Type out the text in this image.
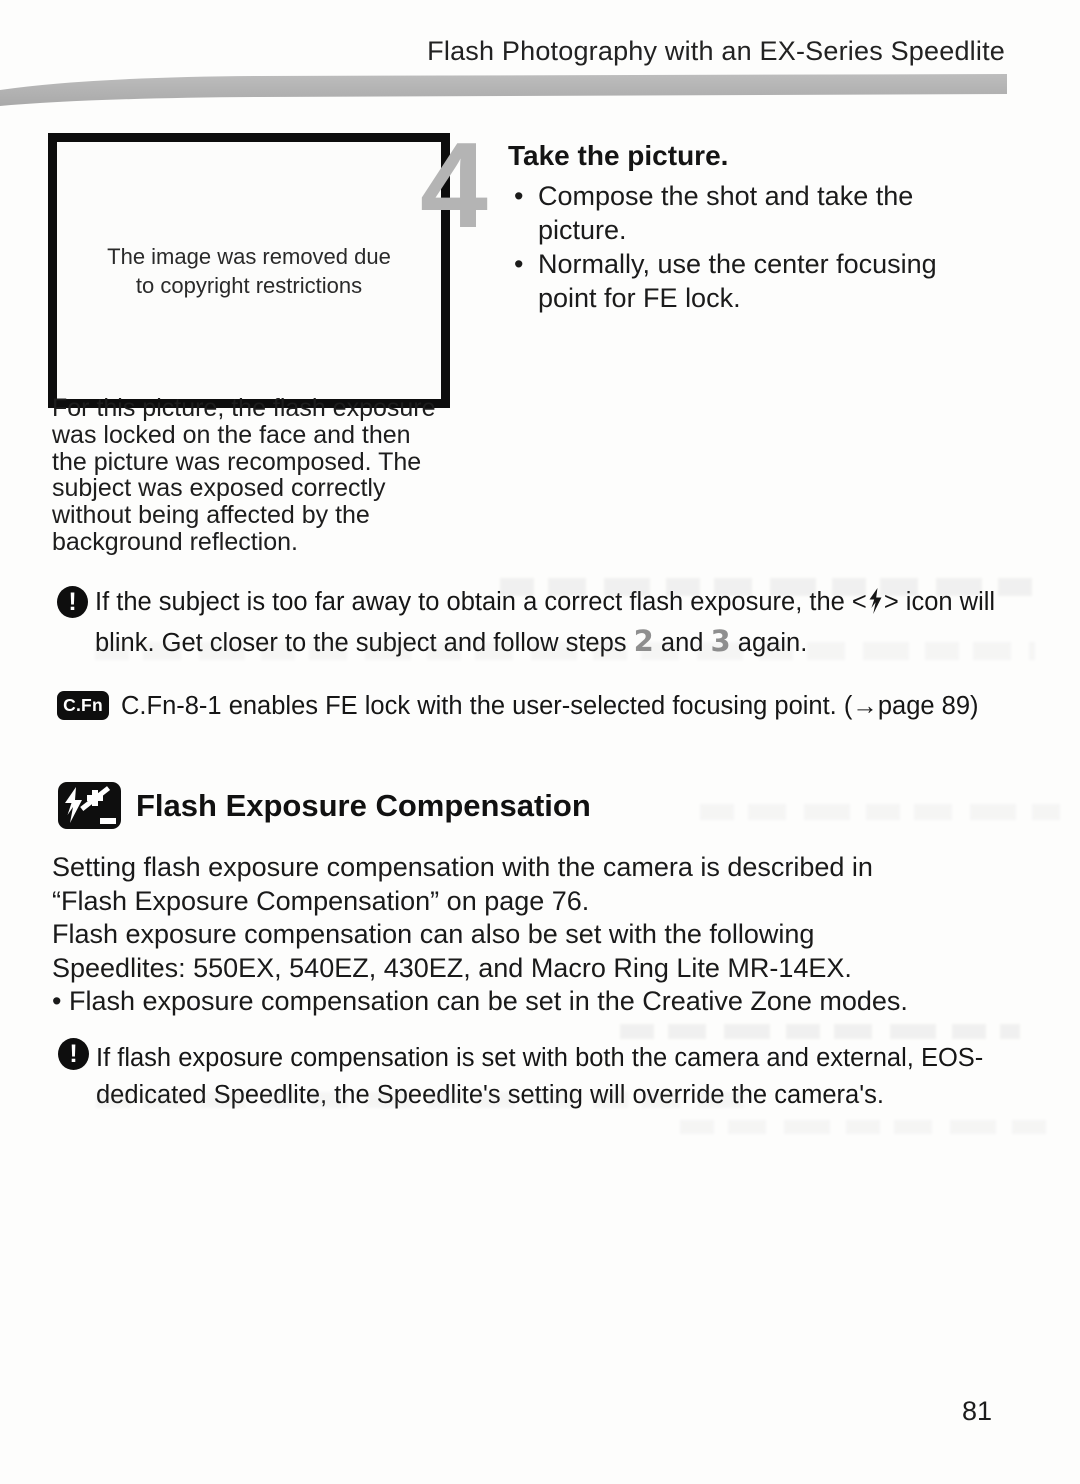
Flash Photography with an EX-Series Speedlite
The image was removed due
to copyright restrictions
For this picture, the flash exposure
was locked on the face and then
the picture was recomposed. The
subject was exposed correctly
without being affected by the
background reflection.
4 Take the picture.
• Compose the shot and take the picture.
• Normally, use the center focusing point for FE lock.
! If the subject is too far away to obtain a correct flash exposure, the < > icon will
blink. Get closer to the subject and follow steps 2 and 3 again.
C.Fn C.Fn-8-1 enables FE lock with the user-selected focusing point. (→page 89)
Flash Exposure Compensation
Setting flash exposure compensation with the camera is described in
“Flash Exposure Compensation” on page 76.
Flash exposure compensation can also be set with the following
Speedlites: 550EX, 540EZ, 430EZ, and Macro Ring Lite MR-14EX.
• Flash exposure compensation can be set in the Creative Zone modes.
! If flash exposure compensation is set with both the camera and external, EOS-
dedicated Speedlite, the Speedlite's setting will override the camera's.
81
